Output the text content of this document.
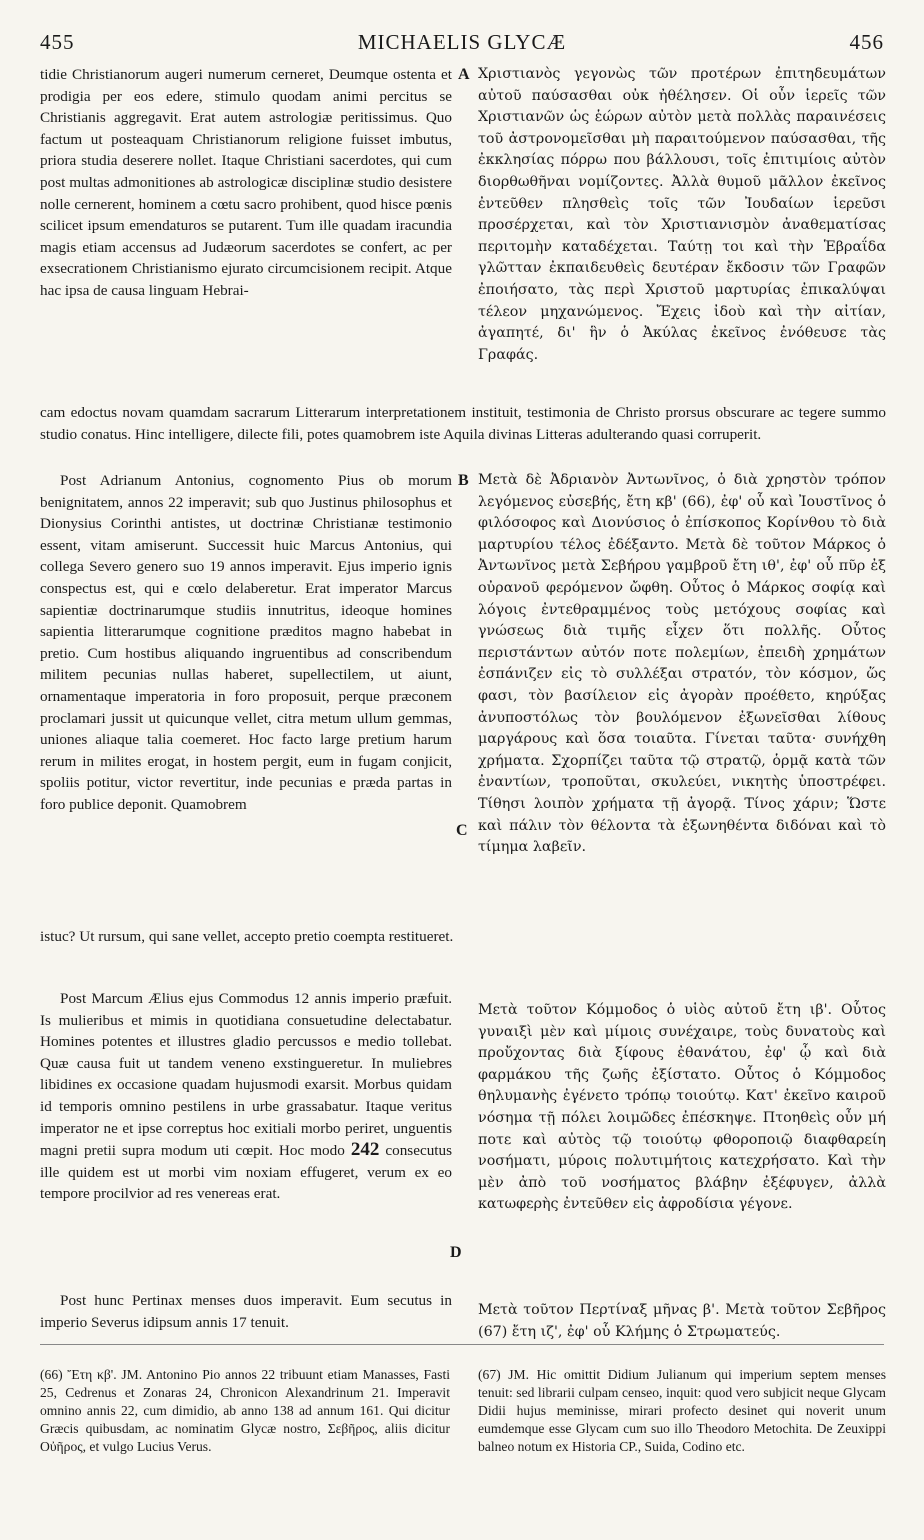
455	MICHAELIS GLYCÆ	456

tidie Christianorum augeri numerum cerneret, Deumque ostenta et prodigia per eos edere, stimulo quodam animi percitus se Christianis aggregavit. Erat autem astrologiæ peritissimus. Quo factum ut posteaquam Christianorum religione fuisset imbutus, priora studia deserere nollet. Itaque Christiani sacerdotes, qui cum post multas admonitiones ab astrologicæ disciplinæ studio desistere nolle cernerent, hominem a cœtu sacro prohibent, quod hisce pœnis scilicet ipsum emendaturos se putarent. Tum ille quadam iracundia magis etiam accensus ad Judæorum sacerdotes se confert, ac per exsecrationem Christianismo ejurato circumcisionem recipit. Atque hac ipsa de causa linguam Hebrai-

A Χριστιανὸς γεγονὼς τῶν προτέρων ἐπιτηδευμάτων αὐτοῦ παύσασθαι οὐκ ἠθέλησεν. Οἱ οὖν ἱερεῖς τῶν Χριστιανῶν ὡς ἑώρων αὐτὸν μετὰ πολλὰς παραινέσεις τοῦ ἀστρονομεῖσθαι μὴ παραιτούμενον παύσασθαι, τῆς ἐκκλησίας πόρρω που βάλλουσι, τοῖς ἐπιτιμίοις αὐτὸν διορθωθῆναι νομίζοντες. Ἀλλὰ θυμοῦ μᾶλλον ἐκεῖνος ἐντεῦθεν πλησθεὶς τοῖς τῶν Ἰουδαίων ἱερεῦσι προσέρχεται, καὶ τὸν Χριστιανισμὸν ἀναθεματίσας περιτομὴν καταδέχεται. Ταύτῃ τοι καὶ τὴν Ἑβραΐδα γλῶτταν ἐκπαιδευθεὶς δευτέραν ἔκδοσιν τῶν Γραφῶν ἐποιήσατο, τὰς περὶ Χριστοῦ μαρτυρίας ἐπικαλύψαι τέλεον μηχανώμενος. Ἔχεις ἰδοὺ καὶ τὴν αἰτίαν, ἀγαπητέ, δι' ἣν ὁ Ἀκύλας ἐκεῖνος ἐνόθευσε τὰς Γραφάς.

cam edoctus novam quamdam sacrarum Litterarum interpretationem instituit, testimonia de Christo prorsus obscurare ac tegere summo studio conatus. Hinc intelligere, dilecte fili, potes quamobrem iste Aquila divinas Litteras adulterando quasi corruperit.

Post Adrianum Antonius, cognomento Pius ob morum benignitatem, annos 22 imperavit; sub quo Justinus philosophus et Dionysius Corinthi antistes, ut doctrinæ Christianæ testimonio essent, vitam amiserunt. Successit huic Marcus Antonius, qui collega Severo genero suo 19 annos imperavit. Ejus imperio ignis conspectus est, qui e cœlo delaberetur. Erat imperator Marcus sapientiæ doctrinarumque studiis innutritus, ideoque homines sapientia litterarumque cognitione præditos magno habebat in pretio. Cum hostibus aliquando ingruentibus ad conscribendum militem pecunias nullas haberet, supellectilem, ut aiunt, ornamentaque imperatoria in foro proposuit, perque præconem proclamari jussit ut quicunque vellet, citra metum ullum gemmas, uniones aliaque talia coemeret. Hoc facto large pretium harum rerum in milites erogat, in hostem pergit, eum in fugam conjicit, spoliis potitur, victor revertitur, inde pecunias e præda partas in foro publice deponit. Quamobrem

B Μετὰ δὲ Ἀδριανὸν Ἀντωνῖνος, ὁ διὰ χρηστὸν τρόπον λεγόμενος εὐσεβής, ἔτη κβ' (66), ἐφ' οὗ καὶ Ἰουστῖνος ὁ φιλόσοφος καὶ Διονύσιος ὁ ἐπίσκοπος Κορίνθου τὸ διὰ μαρτυρίου τέλος ἐδέξαντο. Μετὰ δὲ τοῦτον Μάρκος ὁ Ἀντωνῖνος μετὰ Σεβήρου γαμβροῦ ἔτη ιθ', ἐφ' οὗ πῦρ ἐξ οὐρανοῦ φερόμενον ὤφθη. Οὗτος ὁ Μάρκος σοφίᾳ καὶ λόγοις ἐντεθραμμένος τοὺς μετόχους σοφίας καὶ γνώσεως διὰ τιμῆς εἶχεν ὅτι πολλῆς. Οὗτος περιστάντων αὐτόν ποτε πολεμίων, ἐπειδὴ χρημάτων ἐσπάνιζεν εἰς τὸ συλλέξαι στρατόν, τὸν κόσμον, ὥς φασι, τὸν βασίλειον εἰς ἀγορὰν προέθετο, κηρύξας ἀνυποστόλως τὸν βουλόμενον ἐξωνεῖσθαι λίθους μαργάρους καὶ ὅσα τοιαῦτα. Γίνεται ταῦτα· συνήχθη χρήματα. Σχορπίζει ταῦτα τῷ στρατῷ, ὁρμᾷ κατὰ τῶν ἐναντίων, τροποῦται, σκυλεύει, νικητὴς ὑποστρέφει. Τίθησι λοιπὸν χρήματα τῇ ἀγορᾷ. Τίνος χάριν; Ὥστε καὶ πάλιν τὸν θέλοντα τὰ ἐξωνηθέντα διδόναι καὶ τὸ τίμημα λαβεῖν.

C

istuc? Ut rursum, qui sane vellet, accepto pretio coempta restitueret.

Post Marcum Ælius ejus Commodus 12 annis imperio præfuit. Is mulieribus et mimis in quotidiana consuetudine delectabatur. Homines potentes et illustres gladio percussos e medio tollebat. Quæ causa fuit ut tandem veneno exstingueretur. In muliebres libidines ex occasione quadam hujusmodi exarsit. Morbus quidam id temporis omnino pestilens in urbe grassabatur. Itaque veritus imperator ne et ipse correptus hoc exitiali morbo periret, unguentis magni pretii supra modum uti cœpit. Hoc modo 242 consecutus ille quidem est ut morbi vim noxiam effugeret, verum ex eo tempore procilvior ad res venereas erat.

Μετὰ τοῦτον Κόμμοδος ὁ υἱὸς αὐτοῦ ἔτη ιβ'. Οὗτος γυναιξὶ μὲν καὶ μίμοις συνέχαιρε, τοὺς δυνατοὺς καὶ προὔχοντας διὰ ξίφους ἐθανάτου, ἐφ' ᾧ καὶ διὰ φαρμάκου τῆς ζωῆς ἐξίστατο. Οὗτος ὁ Κόμμοδος θηλυμανὴς ἐγένετο τρόπῳ τοιούτῳ. Κατ' ἐκεῖνο καιροῦ νόσημα τῇ πόλει λοιμῶδες ἐπέσκηψε. Πτοηθεὶς οὖν μή ποτε καὶ αὐτὸς τῷ τοιούτῳ φθοροποιῷ διαφθαρείη νοσήματι, μύροις πολυτιμήτοις κατεχρήσατο. Καὶ τὴν μὲν ἀπὸ τοῦ νοσήματος βλάβην ἐξέφυγεν, ἀλλὰ κατωφερὴς ἐντεῦθεν εἰς ἀφροδίσια γέγονε.

D

Post hunc Pertinax menses duos imperavit. Eum secutus in imperio Severus idipsum annis 17 tenuit.

Μετὰ τοῦτον Περτίναξ μῆνας β'. Μετὰ τοῦτον Σεβῆρος (67) ἔτη ιζ', ἐφ' οὗ Κλήμης ὁ Στρωματεύς.

(66) Ἔτη κβ'. JM. Antonino Pio annos 22 tribuunt etiam Manasses, Fasti 25, Cedrenus et Zonaras 24, Chronicon Alexandrinum 21. Imperavit omnino annis 22, cum dimidio, ab anno 138 ad annum 161. Qui dicitur Græcis quibusdam, ac nominatim Glycæ nostro, Σεβῆρος, aliis dicitur Οὐῆρος, et vulgo Lucius Verus.

(67) JM. Hic omittit Didium Julianum qui imperium septem menses tenuit: sed librarii culpam censeo, inquit: quod vero subjicit neque Glycam Didii hujus meminisse, mirari profecto desinet qui noverit unum eumdemque esse Glycam cum suo illo Theodoro Metochita. De Zeuxippi balneo notum ex Historia CP., Suida, Codino etc.
